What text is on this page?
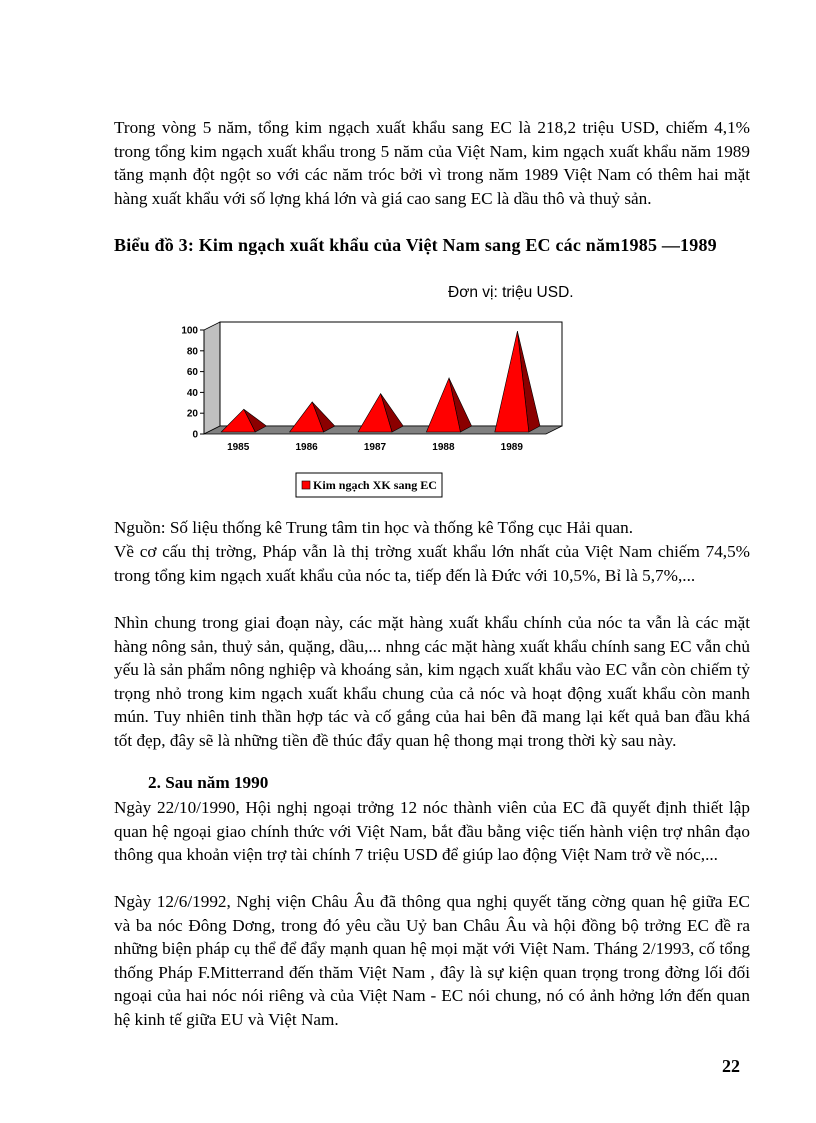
Trong vòng 5 năm, tổng kim ngạch xuất khẩu sang EC là 218,2 triệu USD, chiếm 4,1% trong tổng kim ngạch xuất khẩu trong 5 năm của Việt Nam, kim ngạch xuất khẩu năm 1989 tăng mạnh đột ngột so với các năm tróc bởi vì trong năm 1989 Việt Nam có thêm hai mặt hàng xuất khẩu với số lợng khá lớn và giá cao sang EC là dầu thô và thuỷ sản.

Biểu đồ 3: Kim ngạch xuất khẩu của Việt Nam sang EC các năm1985 —1989

Đơn vị: triệu USD.
0
20
40
60
80
100
1985	1986	1987	1988	1989
Kim ngạch XK sang EC

Nguồn: Số liệu thống kê Trung tâm tin học và thống kê Tổng cục Hải quan.

Về cơ cấu thị trờng, Pháp vẫn là thị trờng xuất khẩu lớn nhất của Việt Nam chiếm 74,5% trong tổng kim ngạch xuất khẩu của nóc ta, tiếp đến là Đức với 10,5%, Bỉ là 5,7%,...

Nhìn chung trong giai đoạn này, các mặt hàng xuất khẩu chính của nóc ta vẫn là các mặt hàng nông sản, thuỷ sản, quặng, dầu,... nhng các mặt hàng xuất khẩu chính sang EC vẫn chủ yếu là sản phẩm nông nghiệp và khoáng sản, kim ngạch xuất khẩu vào EC vẫn còn chiếm tỷ trọng nhỏ trong kim ngạch xuất khẩu chung của cả nóc và hoạt động xuất khẩu còn manh mún. Tuy nhiên tinh thần hợp tác và cố gắng của hai bên đã mang lại kết quả ban đầu khá tốt đẹp, đây sẽ là những tiền đề thúc đẩy quan hệ thong mại trong thời kỳ sau này.

2. Sau năm 1990

Ngày 22/10/1990, Hội nghị ngoại trởng 12 nóc thành viên của EC đã quyết định thiết lập quan hệ ngoại giao chính thức với Việt Nam, bắt đầu bằng việc tiến hành viện trợ nhân đạo thông qua khoản viện trợ tài chính 7 triệu USD để giúp lao động Việt Nam trở về nóc,...

Ngày 12/6/1992, Nghị viện Châu Âu đã thông qua nghị quyết tăng cờng quan hệ giữa EC và ba nóc Đông Dơng, trong đó yêu cầu Uỷ ban Châu Âu và hội đồng bộ trởng EC đề ra những biện pháp cụ thể để đẩy mạnh quan hệ mọi mặt với Việt Nam. Tháng 2/1993, cố tổng thống Pháp F.Mitterrand đến thăm Việt Nam , đây là sự kiện quan trọng trong đờng lối đối ngoại của hai nóc nói riêng và của Việt Nam - EC nói chung, nó có ảnh hởng lớn đến quan hệ kinh tế giữa EU và Việt Nam.

22
